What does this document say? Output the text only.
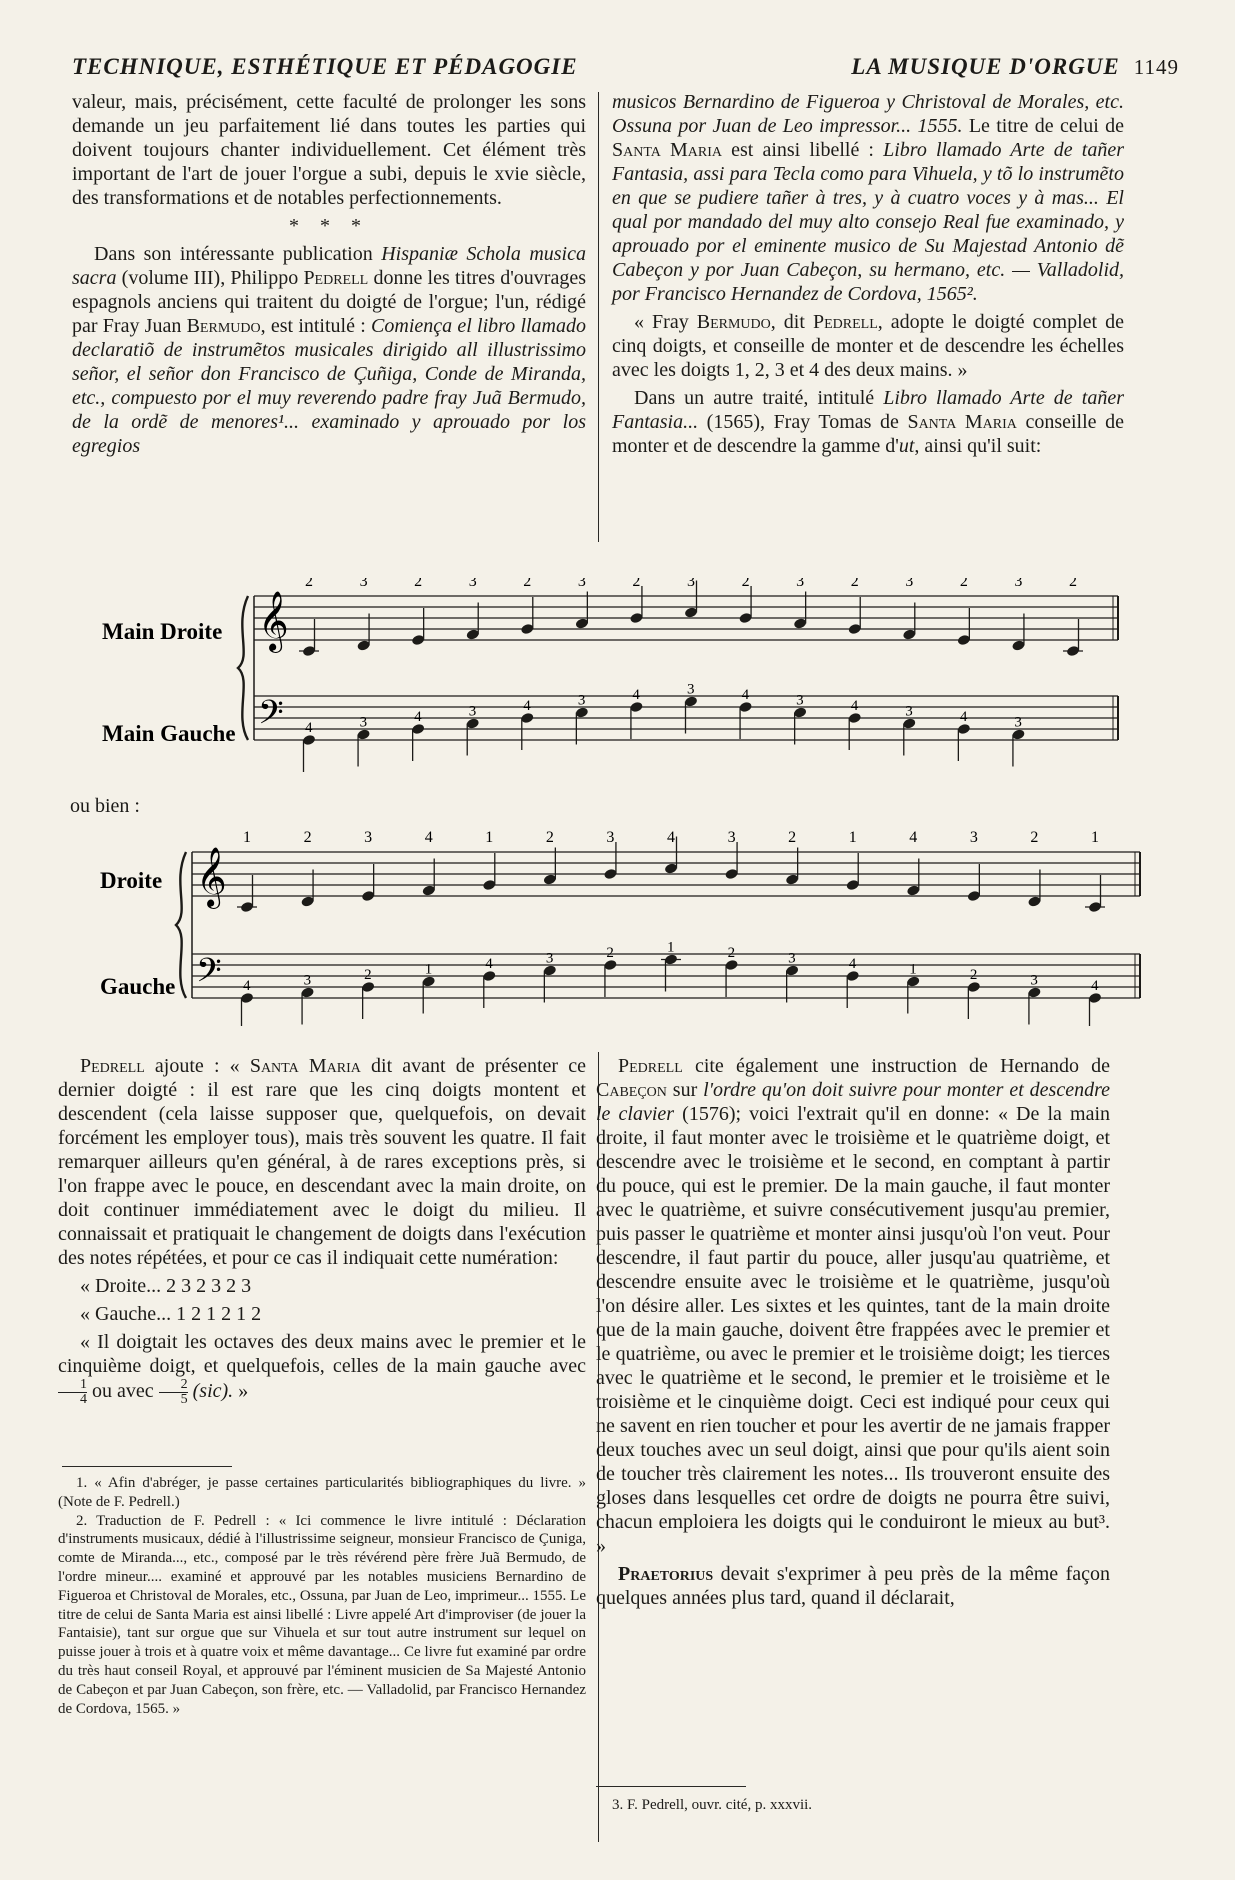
TECHNIQUE, ESTHÉTIQUE ET PÉDAGOGIE	LA MUSIQUE D'ORGUE 1149

valeur, mais, précisément, cette faculté de prolonger les sons demande un jeu parfaitement lié dans toutes les parties qui doivent toujours chanter individuellement. Cet élément très important de l'art de jouer l'orgue a subi, depuis le xvie siècle, des transformations et de notables perfectionnements.

* * *

Dans son intéressante publication Hispaniæ Schola musica sacra (volume III), Philippo Pedrell donne les titres d'ouvrages espagnols anciens qui traitent du doigté de l'orgue; l'un, rédigé par Fray Juan Bermudo, est intitulé : Comiença el libro llamado declaratiõ de instrumẽtos musicales dirigido all illustrissimo señor, el señor don Francisco de Çuñiga, Conde de Miranda, etc., compuesto por el muy reverendo padre fray Juã Bermudo, de la ordẽ de menores¹... examinado y aprouado por los egregios

musicos Bernardino de Figueroa y Christoval de Morales, etc. Ossuna por Juan de Leo impressor... 1555. Le titre de celui de Santa Maria est ainsi libellé : Libro llamado Arte de tañer Fantasia, assi para Tecla como para Vihuela, y tõ lo instrumẽto en que se pudiere tañer à tres, y à cuatro voces y à mas... El qual por mandado del muy alto consejo Real fue examinado, y aprouado por el eminente musico de Su Majestad Antonio dẽ Cabeçon y por Juan Cabeçon, su hermano, etc. — Valladolid, por Francisco Hernandez de Cordova, 1565².

« Fray Bermudo, dit Pedrell, adopte le doigté complet de cinq doigts, et conseille de monter et de descendre les échelles avec les doigts 1, 2, 3 et 4 des deux mains. »

Dans un autre traité, intitulé Libro llamado Arte de tañer Fantasia... (1565), Fray Tomas de Santa Maria conseille de monter et de descendre la gamme d'ut, ainsi qu'il suit:

Main Droite
Main Gauche
𝄞
𝄢
2
4
3
3
2
4
3
3
2
4
3
3
2
4
3
3
2
4
3
3
2
4
3
3
2
4
3
3
2
ou bien :
Droite
Gauche
𝄞
𝄢
1
4
2
3
3
2
4
1
1
4
2
3
3
2
4
1
3
2
2
3
1
4
4
1
3
2
2
3
1
4

Pedrell ajoute : « Santa Maria dit avant de présenter ce dernier doigté : il est rare que les cinq doigts montent et descendent (cela laisse supposer que, quelquefois, on devait forcément les employer tous), mais très souvent les quatre. Il fait remarquer ailleurs qu'en général, à de rares exceptions près, si l'on frappe avec le pouce, en descendant avec la main droite, on doit continuer immédiatement avec le doigt du milieu. Il connaissait et pratiquait le changement de doigts dans l'exécution des notes répétées, et pour ce cas il indiquait cette numération:

« Droite... 2 3 2 3 2 3

« Gauche... 1 2 1 2 1 2

« Il doigtait les octaves des deux mains avec le premier et le cinquième doigt, et quelquefois, celles de la main gauche avec
$\frac{1}{4}$ ou avec $\frac{2}{5} (sic)$. »

1. « Afin d'abréger, je passe certaines particularités bibliographiques du livre. » (Note de F. Pedrell.)

2. Traduction de F. Pedrell : « Ici commence le livre intitulé : Déclaration d'instruments musicaux, dédié à l'illustrissime seigneur, monsieur Francisco de Çuniga, comte de Miranda..., etc., composé par le très révérend père frère Juã Bermudo, de l'ordre mineur.... examiné et approuvé par les notables musiciens Bernardino de Figueroa et Christoval de Morales, etc., Ossuna, par Juan de Leo, imprimeur... 1555. Le titre de celui de Santa Maria est ainsi libellé : Livre appelé Art d'improviser (de jouer la Fantaisie), tant sur orgue que sur Vihuela et sur tout autre instrument sur lequel on puisse jouer à trois et à quatre voix et même davantage... Ce livre fut examiné par ordre du très haut conseil Royal, et approuvé par l'éminent musicien de Sa Majesté Antonio de Cabeçon et par Juan Cabeçon, son frère, etc. — Valladolid, par Francisco Hernandez de Cordova, 1565. »

Pedrell cite également une instruction de Hernando de Cabeçon sur l'ordre qu'on doit suivre pour monter et descendre le clavier (1576); voici l'extrait qu'il en donne: « De la main droite, il faut monter avec le troisième et le quatrième doigt, et descendre avec le troisième et le second, en comptant à partir du pouce, qui est le premier. De la main gauche, il faut monter avec le quatrième, et suivre consécutivement jusqu'au premier, puis passer le quatrième et monter ainsi jusqu'où l'on veut. Pour descendre, il faut partir du pouce, aller jusqu'au quatrième, et descendre ensuite avec le troisième et le quatrième, jusqu'où l'on désire aller. Les sixtes et les quintes, tant de la main droite que de la main gauche, doivent être frappées avec le premier et le quatrième, ou avec le premier et le troisième doigt; les tierces avec le quatrième et le second, le premier et le troisième et le troisième et le cinquième doigt. Ceci est indiqué pour ceux qui ne savent en rien toucher et pour les avertir de ne jamais frapper deux touches avec un seul doigt, ainsi que pour qu'ils aient soin de toucher très clairement les notes... Ils trouveront ensuite des gloses dans lesquelles cet ordre de doigts ne pourra être suivi, chacun emploiera les doigts qui le conduiront le mieux au but³. »

Praetorius devait s'exprimer à peu près de la même façon quelques années plus tard, quand il déclarait,

3. F. Pedrell, ouvr. cité, p. xxxvii.
